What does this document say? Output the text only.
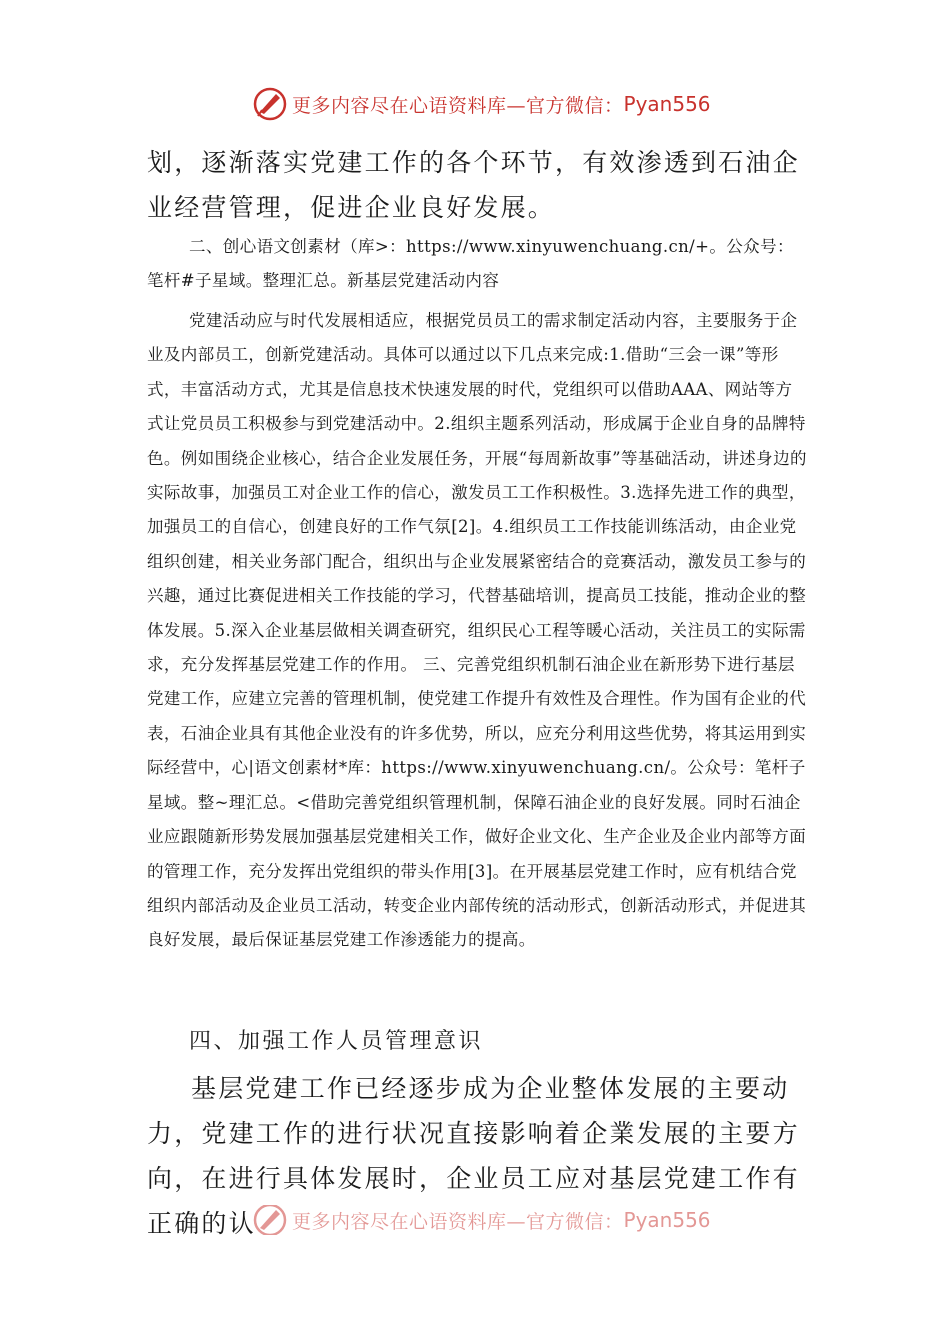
更多内容尽在心语资料库—官方微信： Pyan556

划，逐渐落实党建工作的各个环节，有效渗透到石油企业经营管理，促进企业良好发展。

二、创心语文创素材（库>：https://www.xinyuwenchuang.cn/+。公众号：笔杆#子星域。整理汇总。新基层党建活动内容

党建活动应与时代发展相适应，根据党员员工的需求制定活动内容，主要服务于企业及内部员工，创新党建活动。具体可以通过以下几点来完成:1.借助“三会一课”等形式，丰富活动方式，尤其是信息技术快速发展的时代，党组织可以借助AAA、网站等方式让党员员工积极参与到党建活动中。2.组织主题系列活动，形成属于企业自身的品牌特色。例如围绕企业核心，结合企业发展任务，开展“每周新故事”等基础活动，讲述身边的实际故事，加强员工对企业工作的信心，激发员工工作积极性。3.选择先进工作的典型，加强员工的自信心，创建良好的工作气氛[2]。4.组织员工工作技能训练活动，由企业党组织创建，相关业务部门配合，组织出与企业发展紧密结合的竞赛活动，激发员工参与的兴趣，通过比赛促进相关工作技能的学习，代替基础培训，提高员工技能，推动企业的整体发展。5.深入企业基层做相关调查研究，组织民心工程等暖心活动，关注员工的实际需求，充分发挥基层党建工作的作用。 三、完善党组织机制石油企业在新形势下进行基层党建工作，应建立完善的管理机制，使党建工作提升有效性及合理性。作为国有企业的代表，石油企业具有其他企业没有的许多优势，所以，应充分利用这些优势，将其运用到实际经营中，心|语文创素材*库：https://www.xinyuwenchuang.cn/。公众号：笔杆子星域。整~理汇总。<借助完善党组织管理机制，保障石油企业的良好发展。同时石油企业应跟随新形势发展加强基层党建相关工作，做好企业文化、生产企业及企业内部等方面的管理工作，充分发挥出党组织的带头作用[3]。在开展基层党建工作时，应有机结合党组织内部活动及企业员工活动，转变企业内部传统的活动形式，创新活动形式，并促进其良好发展，最后保证基层党建工作渗透能力的提高。

四、加强工作人员管理意识

基层党建工作已经逐步成为企业整体发展的主要动力，党建工作的进行状况直接影响着企業发展的主要方向，在进行具体发展时，企业员工应对基层党建工作有正确的认	更多内容尽在心语资料库—官方微信： Pyan556
